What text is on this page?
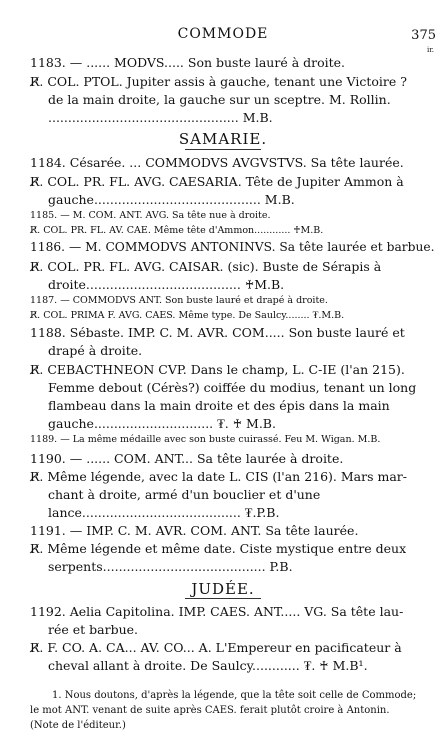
COMMODE	375
ir.
1183. — ...... MODVS..... Son buste lauré à droite.
R̸. COL. PTOL. Jupiter assis à gauche, tenant une Victoire ?
de la main droite, la gauche sur un sceptre. M. Rollin.
................................................ M.B.
SAMARIE.
1184. Césarée. ... COMMODVS AVGVSTVS. Sa tête laurée.
R̸. COL. PR. FL. AVG. CAESARIA. Tête de Jupiter Ammon à
gauche.......................................... M.B.
1185. — M. COM. ANT. AVG. Sa tête nue à droite.
R̸. COL. PR. FL. AV. CAE. Même tête d'Ammon............ ♰M.B.
1186. — M. COMMODVS ANTONINVS. Sa tête laurée et barbue.
R̸. COL. PR. FL. AVG. CAISAR. (sic). Buste de Sérapis à
droite....................................... ♰M.B.
1187. — COMMODVS ANT. Son buste lauré et drapé à droite.
R̸. COL. PRIMA F. AVG. CAES. Même type. De Saulcy........ ₮.M.B.
1188. Sébaste. IMP. C. M. AVR. COM..... Son buste lauré et
drapé à droite.
R̸. CEBACTHNEON CVP. Dans le champ, L. C-IE (l'an 215).
Femme debout (Cérès?) coiffée du modius, tenant un long
flambeau dans la main droite et des épis dans la main
gauche.............................. ₮. ♰ M.B.
1189. — La même médaille avec son buste cuirassé. Feu M. Wigan. M.B.
1190. — ...... COM. ANT... Sa tête laurée à droite.
R̸. Même légende, avec la date L. CIS (l'an 216). Mars mar-
chant à droite, armé d'un bouclier et d'une
lance........................................ ₮.P.B.
1191. — IMP. C. M. AVR. COM. ANT. Sa tête laurée.
R̸. Même légende et même date. Ciste mystique entre deux
serpents......................................... P.B.
JUDÉE.
1192. Aelia Capitolina. IMP. CAES. ANT..... VG. Sa tête lau-
rée et barbue.
R̸. F. CO. A. CA... AV. CO... A. L'Empereur en pacificateur à
cheval allant à droite. De Saulcy............ ₮. ♰ M.B¹.
1. Nous doutons, d'après la légende, que la tête soit celle de Commode;
le mot ANT. venant de suite après CAES. ferait plutôt croire à Antonin.
(Note de l'éditeur.)
